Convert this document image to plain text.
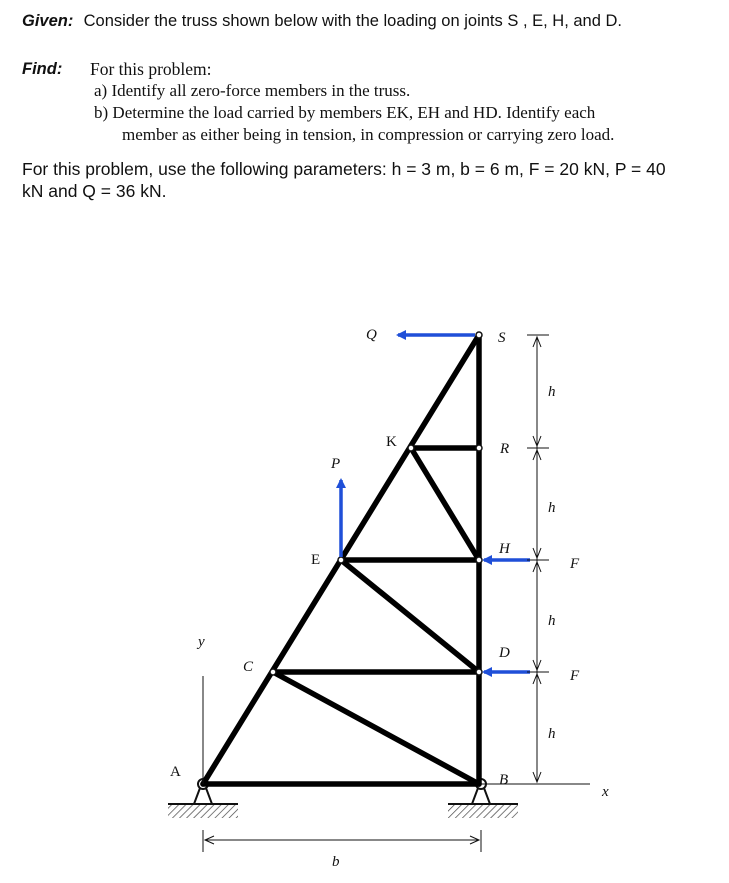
Given: Consider the truss shown below with the loading on joints S , E, H, and D.
Find: For this problem:
a) Identify all zero-force members in the truss.
b) Determine the load carried by members EK, EH and HD. Identify each
member as either being in tension, in compression or carrying zero load.
For this problem, use the following parameters: h = 3 m, b = 6 m, F = 20 kN, P = 40
kN and Q = 36 kN.
Q	S
K	R
P
E
H
C
D
A	B
y
x
h
h
h
h
F
F
b
